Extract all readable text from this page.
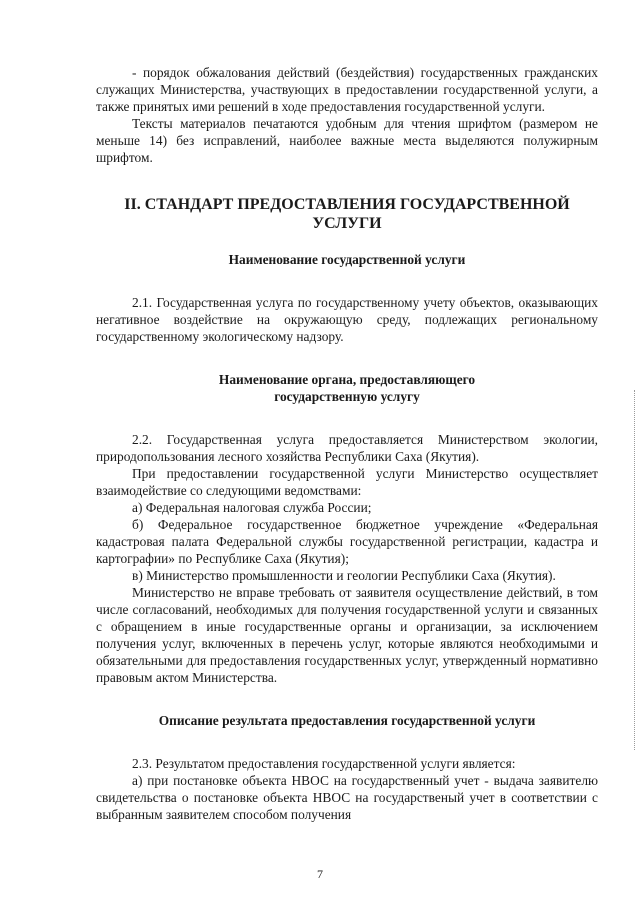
- порядок обжалования действий (бездействия) государственных гражданских служащих Министерства, участвующих в предоставлении государственной услуги, а также принятых ими решений в ходе предоставления государственной услуги.

Тексты материалов печатаются удобным для чтения шрифтом (размером не меньше 14) без исправлений, наиболее важные места выделяются полужирным шрифтом.

II. СТАНДАРТ ПРЕДОСТАВЛЕНИЯ ГОСУДАРСТВЕННОЙ УСЛУГИ
Наименование государственной услуги

2.1. Государственная услуга по государственному учету объектов, оказывающих негативное воздействие на окружающую среду, подлежащих региональному государственному экологическому надзору.

Наименование органа, предоставляющего государственную услугу

2.2. Государственная услуга предоставляется Министерством экологии, природопользования лесного хозяйства Республики Саха (Якутия).

При предоставлении государственной услуги Министерство осуществляет взаимодействие со следующими ведомствами:

а) Федеральная налоговая служба России;

б) Федеральное государственное бюджетное учреждение «Федеральная кадастровая палата Федеральной службы государственной регистрации, кадастра и картографии» по Республике Саха (Якутия);

в) Министерство промышленности и геологии Республики Саха (Якутия).

Министерство не вправе требовать от заявителя осуществление действий, в том числе согласований, необходимых для получения государственной услуги и связанных с обращением в иные государственные органы и организации, за исключением получения услуг, включенных в перечень услуг, которые являются необходимыми и обязательными для предоставления государственных услуг, утвержденный нормативно правовым актом Министерства.

Описание результата предоставления государственной услуги

2.3. Результатом предоставления государственной услуги является:

а) при постановке объекта НВОС на государственный учет - выдача заявителю свидетельства о постановке объекта НВОС на государственый учет в соответствии с выбранным заявителем способом получения

7
